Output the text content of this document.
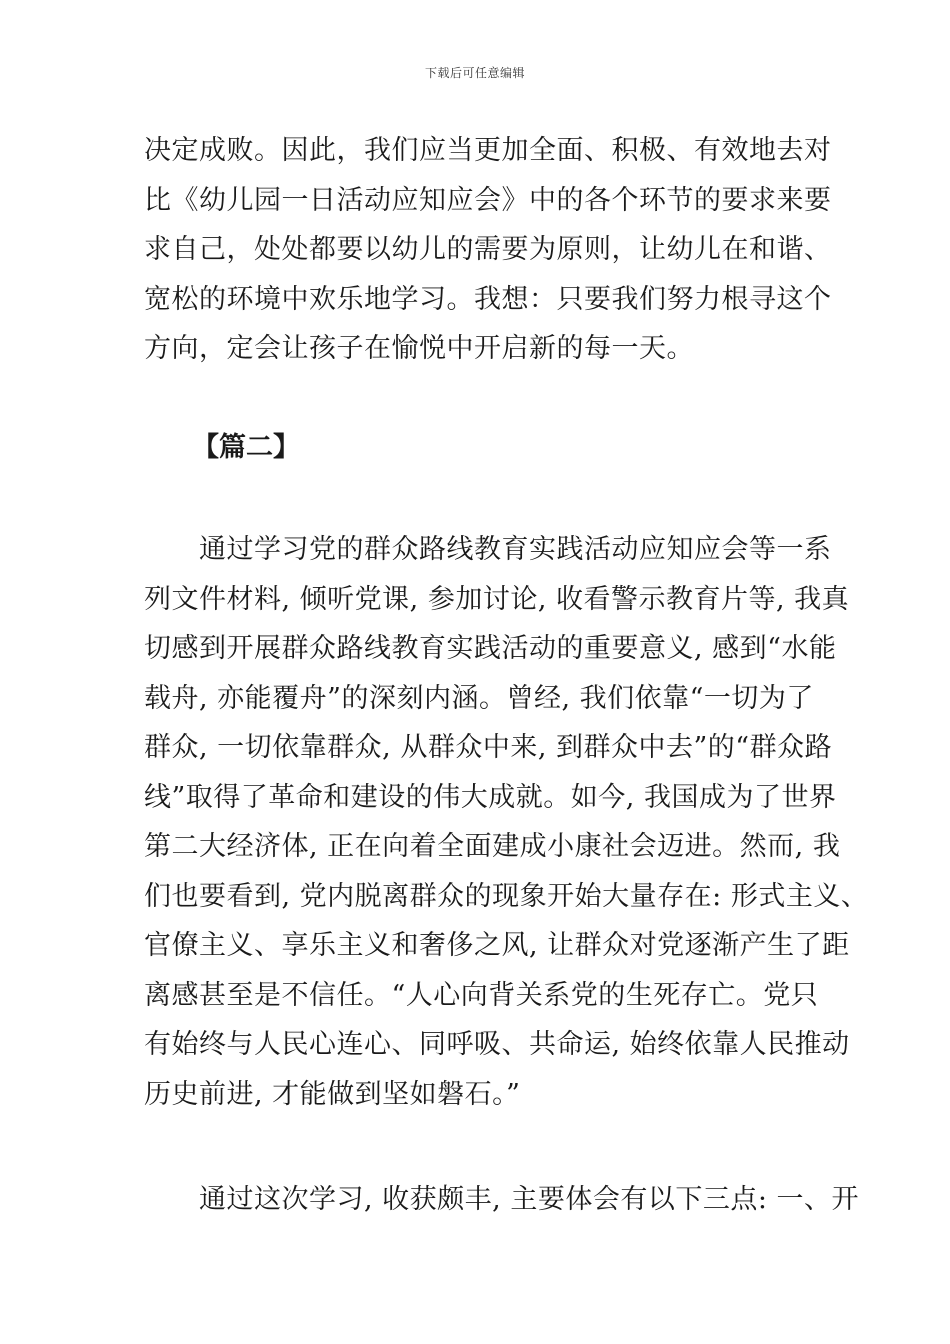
下载后可任意编辑
决定成败。因此，我们应当更加全面、积极、有效地去对
比《幼儿园一日活动应知应会》中的各个环节的要求来要
求自己，处处都要以幼儿的需要为原则，让幼儿在和谐、
宽松的环境中欢乐地学习。我想：只要我们努力根寻这个
方向，定会让孩子在愉悦中开启新的每一天。
【篇二】
　　通过学习党的群众路线教育实践活动应知应会等一系
列文件材料, 倾听党课, 参加讨论, 收看警示教育片等, 我真
切感到开展群众路线教育实践活动的重要意义, 感到“水能
载舟, 亦能覆舟”的深刻内涵。曾经, 我们依靠“一切为了
群众, 一切依靠群众, 从群众中来, 到群众中去”的“群众路
线”取得了革命和建设的伟大成就。如今, 我国成为了世界
第二大经济体, 正在向着全面建成小康社会迈进。然而, 我
们也要看到, 党内脱离群众的现象开始大量存在: 形式主义、
官僚主义、享乐主义和奢侈之风, 让群众对党逐渐产生了距
离感甚至是不信任。“人心向背关系党的生死存亡。党只
有始终与人民心连心、同呼吸、共命运, 始终依靠人民推动
历史前进, 才能做到坚如磐石。”
　　通过这次学习, 收获颇丰, 主要体会有以下三点: 一、开
